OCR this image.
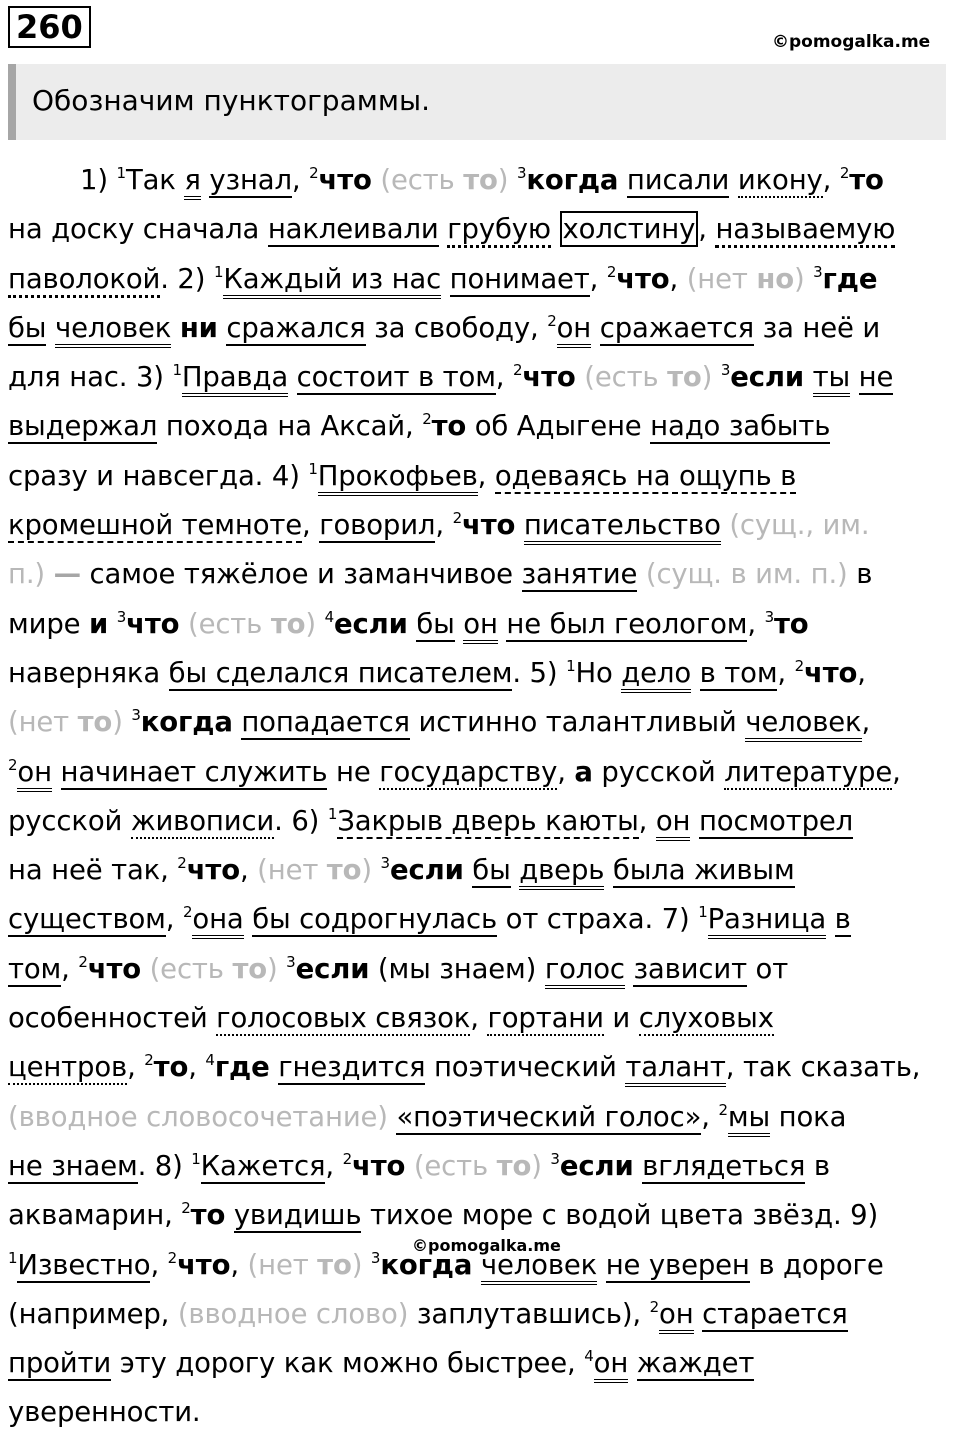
260	©pomogalka.me
Обозначим пунктограммы.
1) $^1$Так я узнал, $^2$что (есть то) $^3$когда писали икону, $^2$то
на доску сначала наклеивали грубую холстину , называемую
паволокой. 2) $^1$Каждый из нас понимает, $^2$что, (нет но) $^3$где
бы человек ни сражался за свободу, $^2$он сражается за неё и
для нас. 3) $^1$Правда состоит в том, $^2$что (есть то) $^3$если ты не
выдержал похода на Аксай, $^2$то об Адыгене надо забыть
сразу и навсегда. 4) $^1$Прокофьев, одеваясь на ощупь в
кромешной темноте, говорил, $^2$что писательство (сущ., им.
п.) — самое тяжёлое и заманчивое занятие (сущ. в им. п.) в
мире и $^3$что (есть то) $^4$если бы он не был геологом, $^3$то
наверняка бы сделался писателем. 5) $^1$Но дело в том, $^2$что,
(нет то) $^3$когда попадается истинно талантливый человек,
$^2$он начинает служить не государству, а русской литературе,
русской живописи. 6) $^1$Закрыв дверь каюты, он посмотрел
на неё так, $^2$что, (нет то) $^3$если бы дверь была живым
существом, $^2$она бы содрогнулась от страха. 7) $^1$Разница в
том, $^2$что (есть то) $^3$если (мы знаем) голос зависит от
особенностей голосовых связок, гортани и слуховых
центров, $^2$то, $^4$где гнездится поэтический талант, так сказать,
(вводное словосочетание) «поэтический голос», $^2$мы пока
не знаем. 8) $^1$Кажется, $^2$что (есть то) $^3$если вглядеться в
аквамарин, $^2$то увидишь тихое море с водой цвета звёзд. 9)
$^1$Известно, $^2$что, (нет то) $^3$когда человек не уверен в дороге
(например, (вводное слово) заплутавшись), $^2$он старается
пройти эту дорогу как можно быстрее, $^4$он жаждет
уверенности.
©pomogalka.me
